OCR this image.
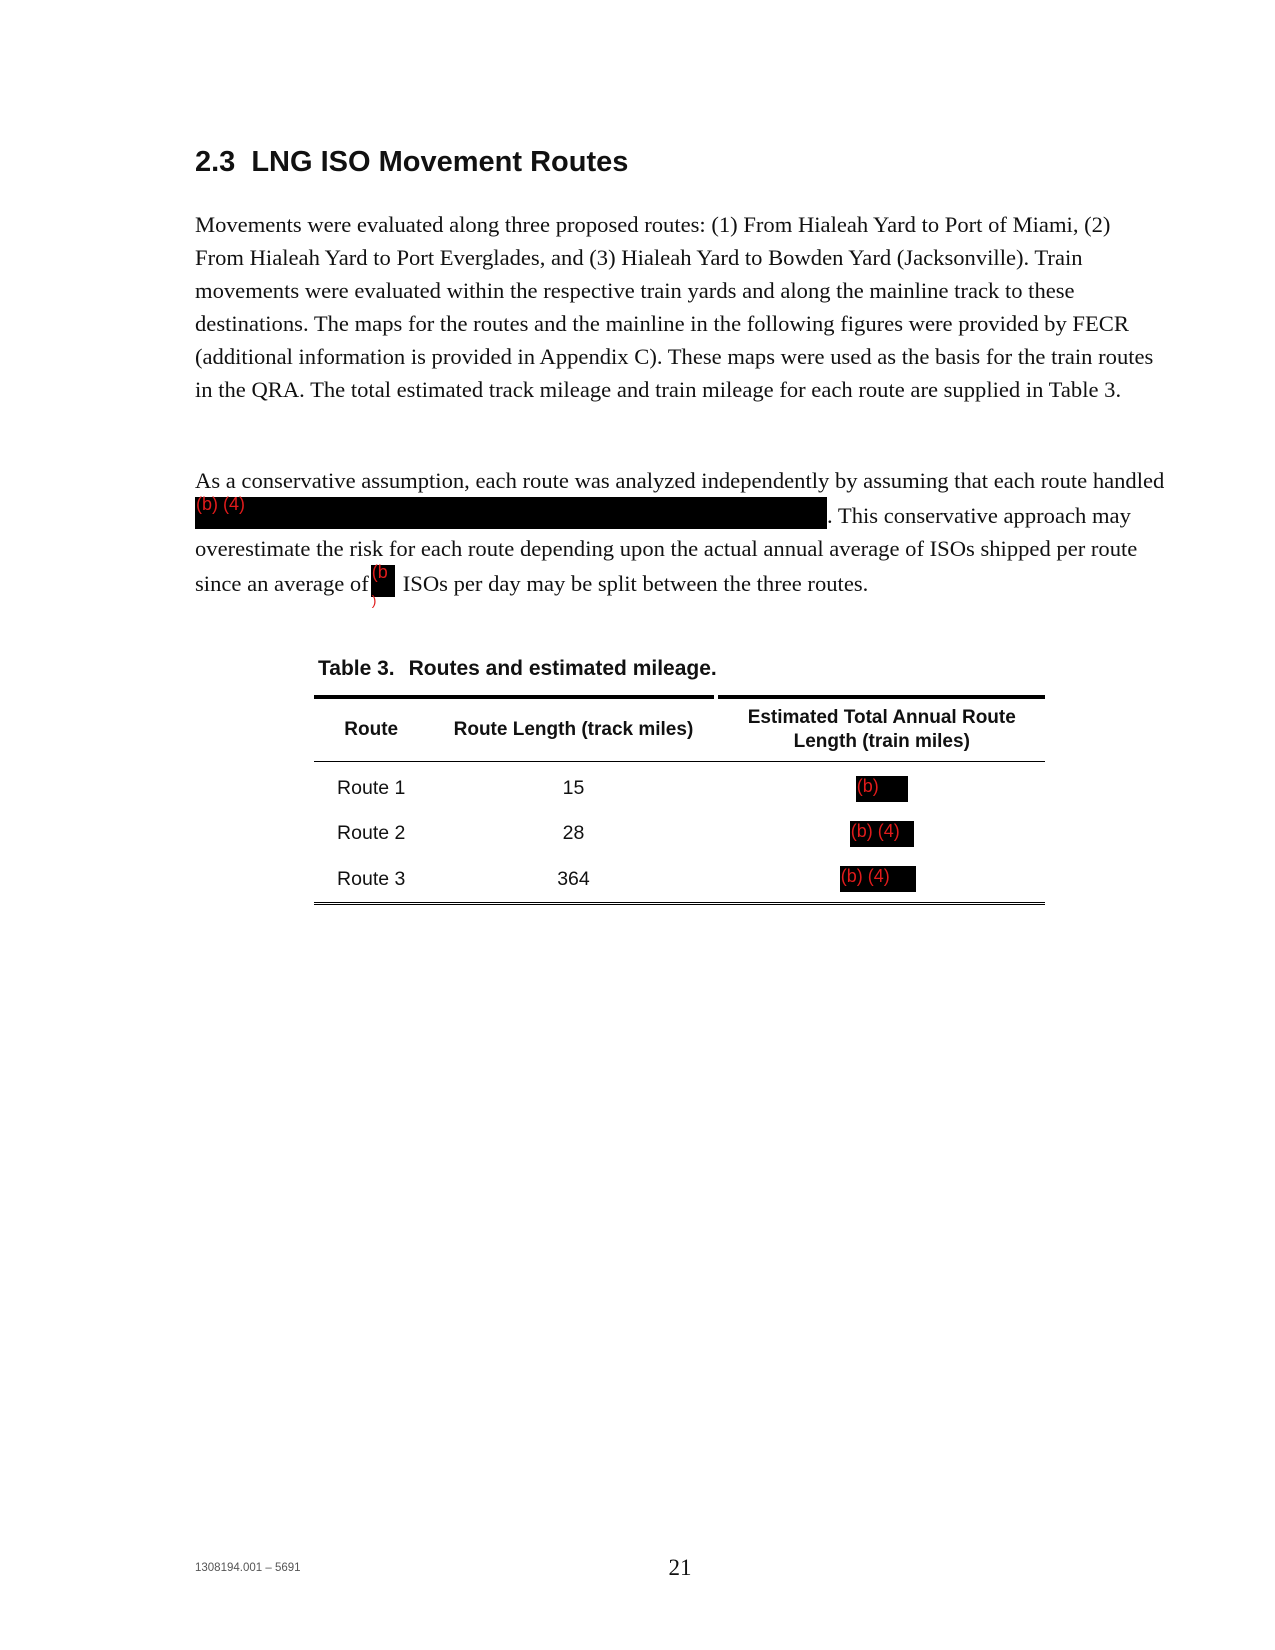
2.3 LNG ISO Movement Routes

Movements were evaluated along three proposed routes: (1) From Hialeah Yard to Port of Miami, (2) From Hialeah Yard to Port Everglades, and (3) Hialeah Yard to Bowden Yard (Jacksonville). Train movements were evaluated within the respective train yards and along the mainline track to these destinations. The maps for the routes and the mainline in the following figures were provided by FECR (additional information is provided in Appendix C). These maps were used as the basis for the train routes in the QRA. The total estimated track mileage and train mileage for each route are supplied in Table 3.

As a conservative assumption, each route was analyzed independently by assuming that each route handled
(b) (4)	. This conservative approach may overestimate the risk for each route depending upon the actual annual average of ISOs shipped per route since an average of (b
)
ISOs per day may be split between the three routes.

Table 3. Routes and estimated mileage.

Route	Route Length (track miles)	Estimated Total Annual Route Length (train miles)
Route 1	15	(b)

Route 2	28	(b) (4)

Route 3	364	(b) (4)
1308194.001 – 5691	21
